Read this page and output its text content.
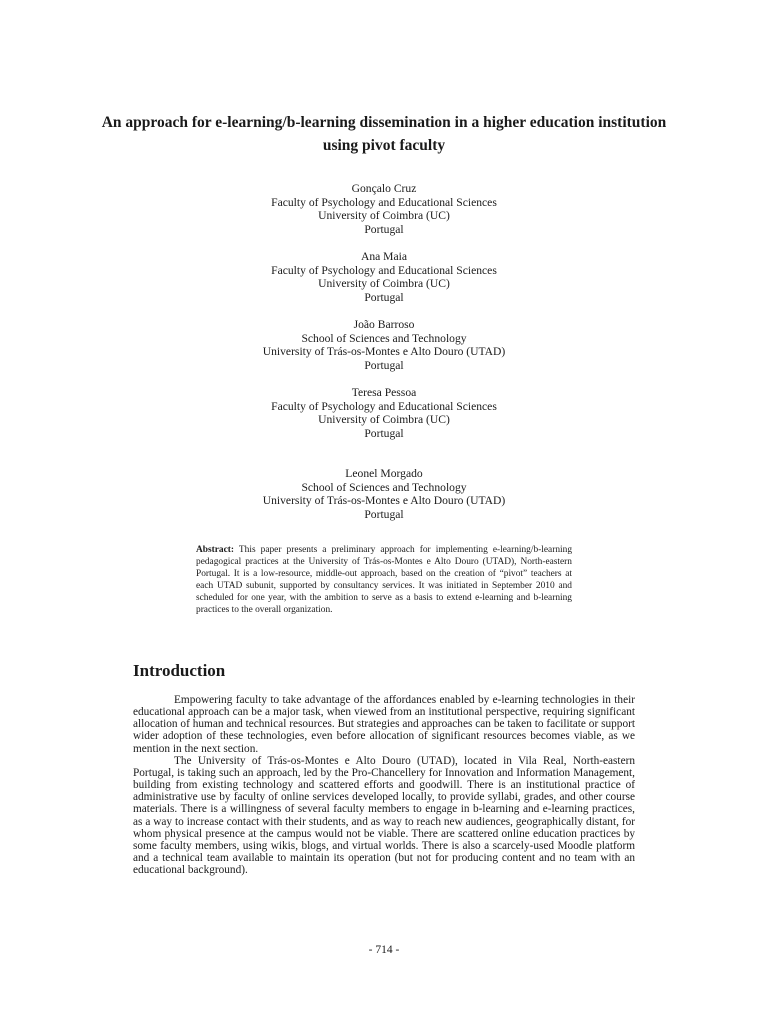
An approach for e-learning/b-learning dissemination in a higher education institution using pivot faculty
Gonçalo Cruz
Faculty of Psychology and Educational Sciences
University of Coimbra (UC)
Portugal
Ana Maia
Faculty of Psychology and Educational Sciences
University of Coimbra (UC)
Portugal
João Barroso
School of Sciences and Technology
University of Trás-os-Montes e Alto Douro (UTAD)
Portugal
Teresa Pessoa
Faculty of Psychology and Educational Sciences
University of Coimbra (UC)
Portugal
Leonel Morgado
School of Sciences and Technology
University of Trás-os-Montes e Alto Douro (UTAD)
Portugal

Abstract: This paper presents a preliminary approach for implementing e-learning/b-learning pedagogical practices at the University of Trás-os-Montes e Alto Douro (UTAD), North-eastern Portugal. It is a low-resource, middle-out approach, based on the creation of “pivot” teachers at each UTAD subunit, supported by consultancy services. It was initiated in September 2010 and scheduled for one year, with the ambition to serve as a basis to extend e-learning and b-learning practices to the overall organization.

Introduction

Empowering faculty to take advantage of the affordances enabled by e-learning technologies in their educational approach can be a major task, when viewed from an institutional perspective, requiring significant allocation of human and technical resources. But strategies and approaches can be taken to facilitate or support wider adoption of these technologies, even before allocation of significant resources becomes viable, as we mention in the next section.

The University of Trás-os-Montes e Alto Douro (UTAD), located in Vila Real, North-eastern Portugal, is taking such an approach, led by the Pro-Chancellery for Innovation and Information Management, building from existing technology and scattered efforts and goodwill. There is an institutional practice of administrative use by faculty of online services developed locally, to provide syllabi, grades, and other course materials. There is a willingness of several faculty members to engage in b-learning and e-learning practices, as a way to increase contact with their students, and as way to reach new audiences, geographically distant, for whom physical presence at the campus would not be viable. There are scattered online education practices by some faculty members, using wikis, blogs, and virtual worlds. There is also a scarcely-used Moodle platform and a technical team available to maintain its operation (but not for producing content and no team with an educational background).

- 714 -
